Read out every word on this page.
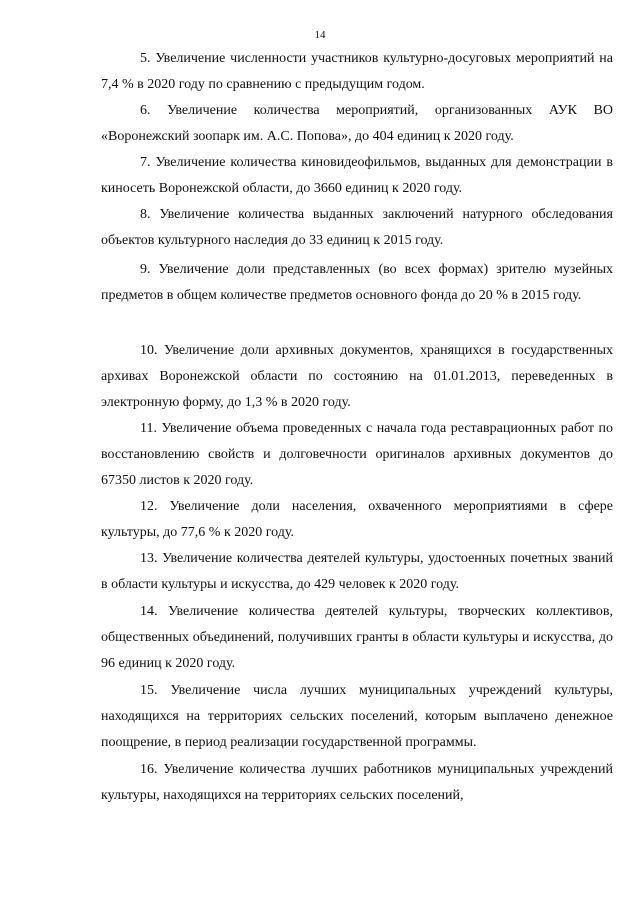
14

5. Увеличение численности участников культурно-досуговых мероприятий на 7,4 % в 2020 году по сравнению с предыдущим годом.

6. Увеличение количества мероприятий, организованных АУК ВО «Воронежский зоопарк им. А.С. Попова», до 404 единиц к 2020 году.

7. Увеличение количества киновидеофильмов, выданных для демонстрации в киносеть Воронежской области, до 3660 единиц к 2020 году.

8. Увеличение количества выданных заключений натурного обследования объектов культурного наследия до 33 единиц к 2015 году.

9. Увеличение доли представленных (во всех формах) зрителю музейных предметов в общем количестве предметов основного фонда до 20 % в 2015 году.

10. Увеличение доли архивных документов, хранящихся в государственных архивах Воронежской области по состоянию на 01.01.2013, переведенных в электронную форму, до 1,3 % в 2020 году.

11. Увеличение объема проведенных с начала года реставрационных работ по восстановлению свойств и долговечности оригиналов архивных документов до 67350 листов к 2020 году.

12. Увеличение доли населения, охваченного мероприятиями в сфере культуры, до 77,6 % к 2020 году.

13. Увеличение количества деятелей культуры, удостоенных почетных званий в области культуры и искусства, до 429 человек к 2020 году.

14. Увеличение количества деятелей культуры, творческих коллективов, общественных объединений, получивших гранты в области культуры и искусства, до 96 единиц к 2020 году.

15. Увеличение числа лучших муниципальных учреждений культуры, находящихся на территориях сельских поселений, которым выплачено денежное поощрение, в период реализации государственной программы.

16. Увеличение количества лучших работников муниципальных учреждений культуры, находящихся на территориях сельских поселений,
